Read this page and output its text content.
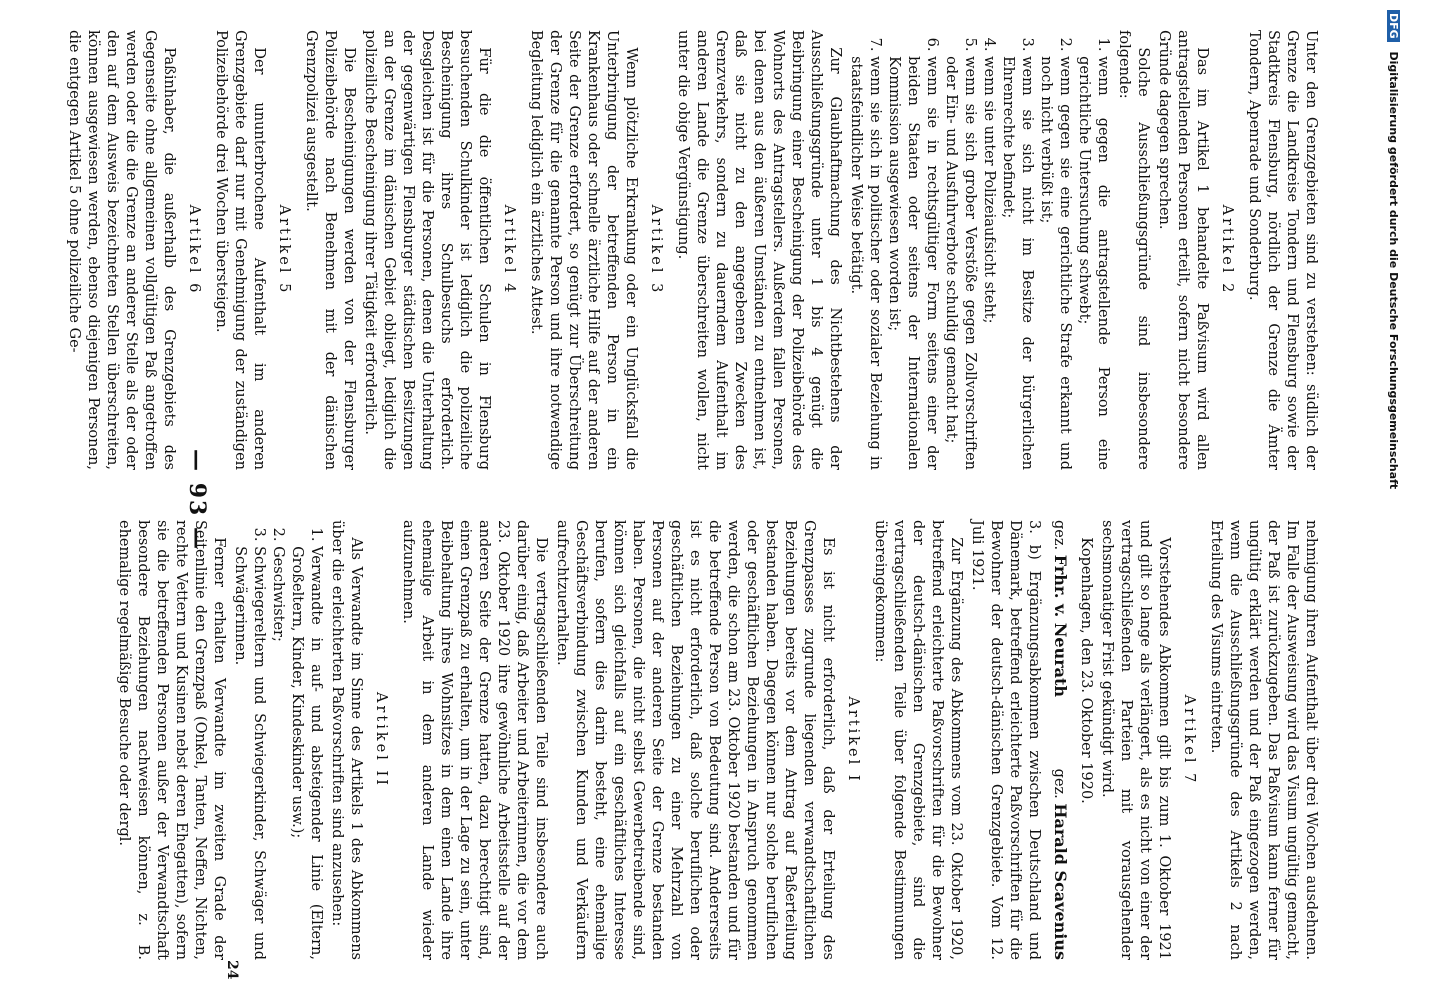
— 93 —

Unter den Grenzgebieten sind zu verstehen: südlich der Grenze die Landkreise Tondern und Flensburg sowie der Stadtkreis Flensburg, nördlich der Grenze die Ämter Tondern, Apenrade und Sonderburg.

Artikel 2

Das im Artikel 1 behandelte Paßvisum wird allen antragstellenden Personen erteilt, sofern nicht besondere Gründe dagegen sprechen.

Solche Ausschließungsgründe sind insbesondere folgende:

1. wenn gegen die antragstellende Person eine gerichtliche Untersuchung schwebt;
2. wenn gegen sie eine gerichtliche Strafe erkannt und noch nicht verbüßt ist;
3. wenn sie sich nicht im Besitze der bürgerlichen Ehrenrechte befindet;
4. wenn sie unter Polizeiaufsicht steht;
5. wenn sie sich grober Verstöße gegen Zollvorschriften oder Ein- und Ausfuhrverbote schuldig gemacht hat;
6. wenn sie in rechtsgültiger Form seitens einer der beiden Staaten oder seitens der Internationalen Kommission ausgewiesen worden ist;
7. wenn sie sich in politischer oder sozialer Beziehung in staatsfeindlicher Weise betätigt.

Zur Glaubhaftmachung des Nichtbestehens der Ausschließungsgründe unter 1 bis 4 genügt die Beibringung einer Bescheinigung der Polizeibehörde des Wohnorts des Antragstellers. Außerdem fallen Personen, bei denen aus den äußeren Umständen zu entnehmen ist, daß sie nicht zu den angegebenen Zwecken des Grenzverkehrs, sondern zu dauerndem Aufenthalt im anderen Lande die Grenze überschreiten wollen, nicht unter die obige Vergünstigung.

Artikel 3

Wenn plötzliche Erkrankung oder ein Unglücksfall die Unterbringung der betreffenden Person in ein Krankenhaus oder schnelle ärztliche Hilfe auf der anderen Seite der Grenze erfordert, so genügt zur Überschreitung der Grenze für die genannte Person und ihre notwendige Begleitung lediglich ein ärztliches Attest.

Artikel 4

Für die die öffentlichen Schulen in Flensburg besuchenden Schulkinder ist lediglich die polizeiliche Bescheinigung ihres Schulbesuchs erforderlich. Desgleichen ist für die Personen, denen die Unterhaltung der gegenwärtigen Flensburger städtischen Besitzungen an der Grenze im dänischen Gebiet obliegt, lediglich die polizeiliche Bescheinigung ihrer Tätigkeit erforderlich.

Die Bescheinigungen werden von der Flensburger Polizeibehörde nach Benehmen mit der dänischen Grenzpolizei ausgestellt.

Artikel 5

Der ununterbrochene Aufenthalt im anderen Grenzgebiete darf nur mit Genehmigung der zuständigen Polizeibehörde drei Wochen übersteigen.

Artikel 6

Paßinhaber, die außerhalb des Grenzgebiets des Gegenseite ohne allgemeinen vollgültigen Paß angetroffen werden oder die die Grenze an anderer Stelle als der oder den auf dem Ausweis bezeichneten Stellen überschreiten, können ausgewiesen werden, ebenso diejenigen Personen, die entgegen Artikel 5 ohne polizeiliche Ge-

nehmigung ihren Aufenthalt über drei Wochen ausdehnen. Im Falle der Ausweisung wird das Visum ungültig gemacht, der Paß ist zurückzugeben. Das Paßvisum kann ferner für ungültig erklärt werden und der Paß eingezogen werden, wenn die Ausschließungsgründe des Artikels 2 nach Erteilung des Visums eintreten.

Artikel 7

Vorstehendes Abkommen gilt bis zum 1. Oktober 1921 und gilt so lange als verlängert, als es nicht von einer der vertragschließenden Parteien mit vorausgehender sechsmonatiger Frist gekündigt wird.

Kopenhagen, den 23. Oktober 1920.

gez. Frhr. v. Neurath
gez. Harald Scavenius

3. b) Ergänzungsabkommen zwischen Deutschland und Dänemark, betreffend erleichterte Paßvorschriften für die Bewohner der deutsch-dänischen Grenzgebiete. Vom 12. Juli 1921.

Zur Ergänzung des Abkommens vom 23. Oktober 1920, betreffend erleichterte Paßvorschriften für die Bewohner der deutsch-dänischen Grenzgebiete, sind die vertragschließenden Teile über folgende Bestimmungen übereingekommen:

Artikel I

Es ist nicht erforderlich, daß der Erteilung des Grenzpasses zugrunde liegenden verwandtschaftlichen Beziehungen bereits vor dem Antrag auf Paßerteilung bestanden haben. Dagegen können nur solche beruflichen oder geschäftlichen Beziehungen in Anspruch genommen werden, die schon am 23. Oktober 1920 bestanden und für die betreffende Person von Bedeutung sind. Andererseits ist es nicht erforderlich, daß solche beruflichen oder geschäftlichen Beziehungen zu einer Mehrzahl von Personen auf der anderen Seite der Grenze bestanden haben. Personen, die nicht selbst Gewerbetreibende sind, können sich gleichfalls auf ein geschäftliches Interesse berufen, sofern dies darin besteht, eine ehemalige Geschäftsverbindung zwischen Kunden und Verkäufern aufrechtzuerhalten.

Die vertragschließenden Teile sind insbesondere auch darüber einig, daß Arbeiter und Arbeiterinnen, die vor dem 23. Oktober 1920 ihre gewöhnliche Arbeitsstelle auf der anderen Seite der Grenze hatten, dazu berechtigt sind, einen Grenzpaß zu erhalten, um in der Lage zu sein, unter Beibehaltung ihres Wohnsitzes in dem einen Lande ihre ehemalige Arbeit in dem anderen Lande wieder aufzunehmen.

Artikel II

Als Verwandte im Sinne des Artikels 1 des Abkommens über die erleichterten Paßvorschriften sind anzusehen:

1. Verwandte in auf- und absteigender Linie (Eltern, Großeltern, Kinder, Kindeskinder usw.);
2. Geschwister;
3. Schwiegereltern und Schwiegerkinder, Schwäger und Schwägerinnen.

Ferner erhalten Verwandte im zweiten Grade der Seitenlinie den Grenzpaß (Onkel, Tanten, Neffen, Nichten, rechte Vettern und Kusinen nebst deren Ehegatten), sofern sie die betreffenden Personen außer der Verwandtschaft besondere Beziehungen nachweisen können, z. B. ehemalige regelmäßige Besuche oder dergl.

24
DFG Digitalisierung gefördert durch die Deutsche Forschungsgemeinschaft
